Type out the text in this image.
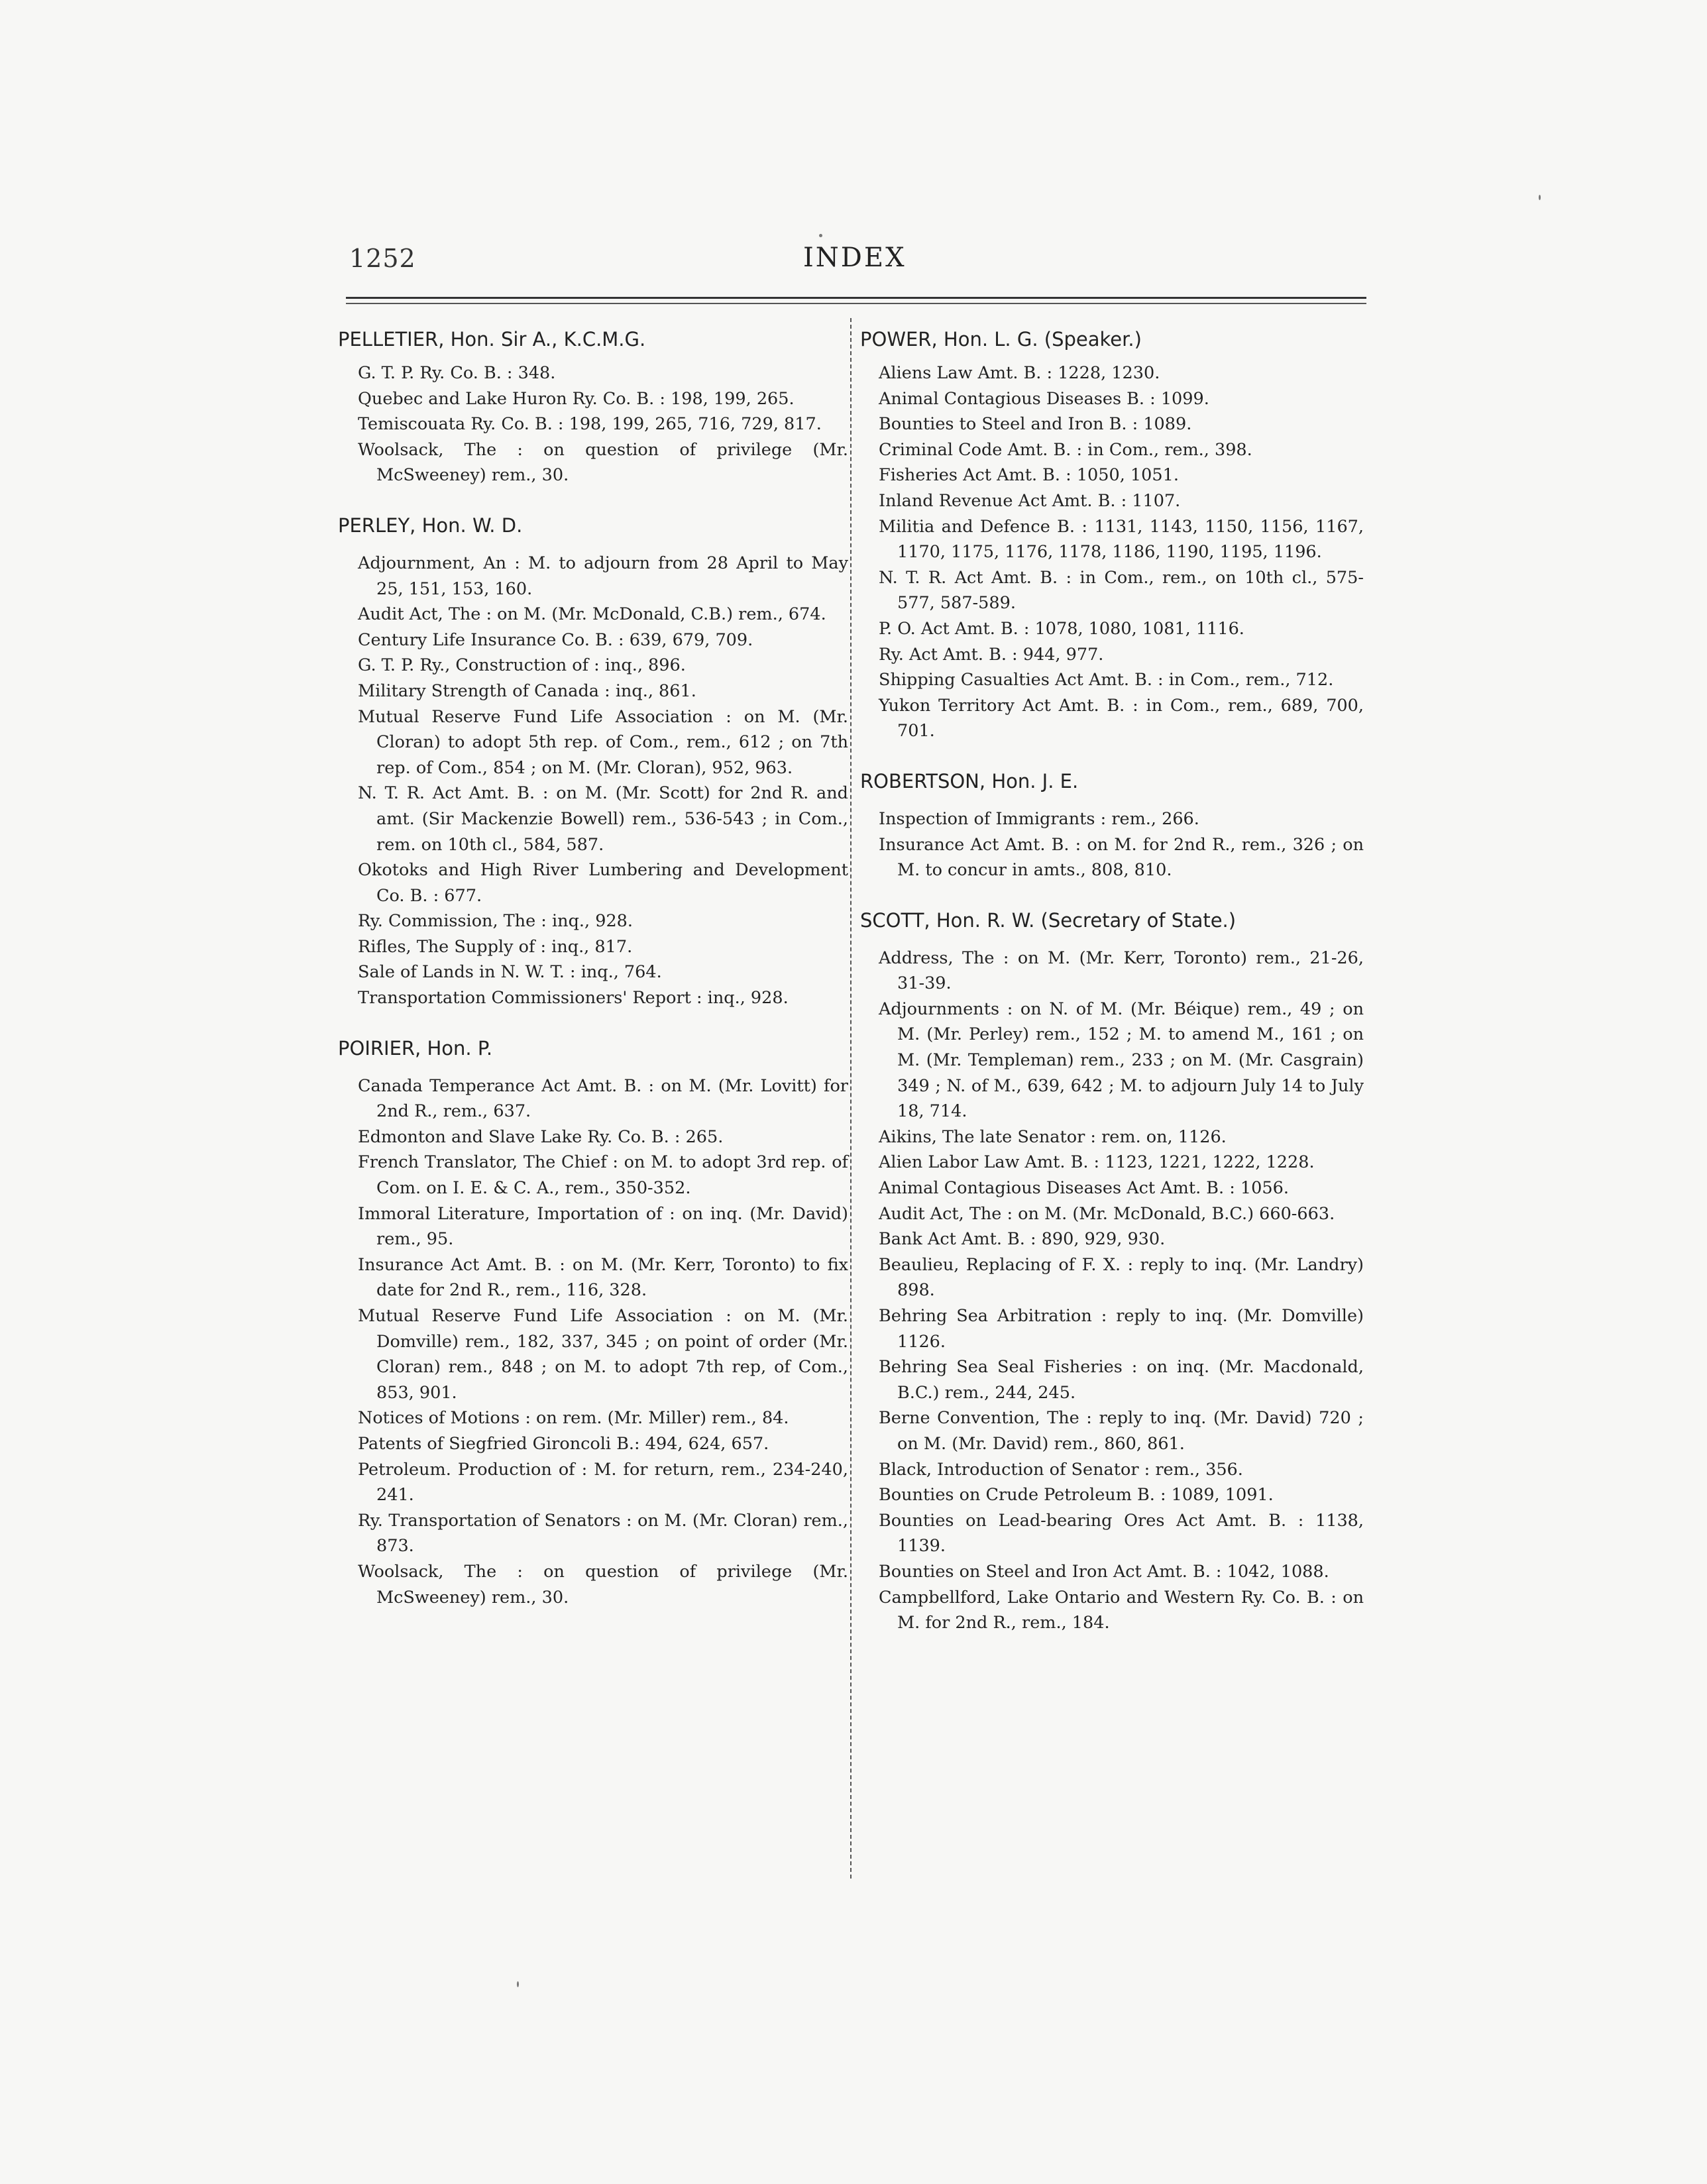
1252	INDEX
PELLETIER, Hon. Sir A., K.C.M.G.
G. T. P. Ry. Co. B. : 348.
Quebec and Lake Huron Ry. Co. B. : 198, 199, 265.
Temiscouata Ry. Co. B. : 198, 199, 265, 716, 729, 817.
Woolsack, The : on question of privilege (Mr. McSweeney) rem., 30.
PERLEY, Hon. W. D.
Adjournment, An : M. to adjourn from 28 April to May 25, 151, 153, 160.
Audit Act, The : on M. (Mr. McDonald, C.B.) rem., 674.
Century Life Insurance Co. B. : 639, 679, 709.
G. T. P. Ry., Construction of : inq., 896.
Military Strength of Canada : inq., 861.
Mutual Reserve Fund Life Association : on M. (Mr. Cloran) to adopt 5th rep. of Com., rem., 612 ; on 7th rep. of Com., 854 ; on M. (Mr. Cloran), 952, 963.
N. T. R. Act Amt. B. : on M. (Mr. Scott) for 2nd R. and amt. (Sir Mackenzie Bowell) rem., 536-543 ; in Com., rem. on 10th cl., 584, 587.
Okotoks and High River Lumbering and Development Co. B. : 677.
Ry. Commission, The : inq., 928.
Rifles, The Supply of : inq., 817.
Sale of Lands in N. W. T. : inq., 764.
Transportation Commissioners' Report : inq., 928.
POIRIER, Hon. P.
Canada Temperance Act Amt. B. : on M. (Mr. Lovitt) for 2nd R., rem., 637.
Edmonton and Slave Lake Ry. Co. B. : 265.
French Translator, The Chief : on M. to adopt 3rd rep. of Com. on I. E. & C. A., rem., 350-352.
Immoral Literature, Importation of : on inq. (Mr. David) rem., 95.
Insurance Act Amt. B. : on M. (Mr. Kerr, Toronto) to fix date for 2nd R., rem., 116, 328.
Mutual Reserve Fund Life Association : on M. (Mr. Domville) rem., 182, 337, 345 ; on point of order (Mr. Cloran) rem., 848 ; on M. to adopt 7th rep, of Com., 853, 901.
Notices of Motions : on rem. (Mr. Miller) rem., 84.
Patents of Siegfried Gironcoli B.: 494, 624, 657.
Petroleum. Production of : M. for return, rem., 234-240, 241.
Ry. Transportation of Senators : on M. (Mr. Cloran) rem., 873.
Woolsack, The : on question of privilege (Mr. McSweeney) rem., 30.
POWER, Hon. L. G. (Speaker.)
Aliens Law Amt. B. : 1228, 1230.
Animal Contagious Diseases B. : 1099.
Bounties to Steel and Iron B. : 1089.
Criminal Code Amt. B. : in Com., rem., 398.
Fisheries Act Amt. B. : 1050, 1051.
Inland Revenue Act Amt. B. : 1107.
Militia and Defence B. : 1131, 1143, 1150, 1156, 1167, 1170, 1175, 1176, 1178, 1186, 1190, 1195, 1196.
N. T. R. Act Amt. B. : in Com., rem., on 10th cl., 575-577, 587-589.
P. O. Act Amt. B. : 1078, 1080, 1081, 1116.
Ry. Act Amt. B. : 944, 977.
Shipping Casualties Act Amt. B. : in Com., rem., 712.
Yukon Territory Act Amt. B. : in Com., rem., 689, 700, 701.
ROBERTSON, Hon. J. E.
Inspection of Immigrants : rem., 266.
Insurance Act Amt. B. : on M. for 2nd R., rem., 326 ; on M. to concur in amts., 808, 810.
SCOTT, Hon. R. W. (Secretary of State.)
Address, The : on M. (Mr. Kerr, Toronto) rem., 21-26, 31-39.
Adjournments : on N. of M. (Mr. Béique) rem., 49 ; on M. (Mr. Perley) rem., 152 ; M. to amend M., 161 ; on M. (Mr. Templeman) rem., 233 ; on M. (Mr. Casgrain) 349 ; N. of M., 639, 642 ; M. to adjourn July 14 to July 18, 714.
Aikins, The late Senator : rem. on, 1126.
Alien Labor Law Amt. B. : 1123, 1221, 1222, 1228.
Animal Contagious Diseases Act Amt. B. : 1056.
Audit Act, The : on M. (Mr. McDonald, B.C.) 660-663.
Bank Act Amt. B. : 890, 929, 930.
Beaulieu, Replacing of F. X. : reply to inq. (Mr. Landry) 898.
Behring Sea Arbitration : reply to inq. (Mr. Domville) 1126.
Behring Sea Seal Fisheries : on inq. (Mr. Macdonald, B.C.) rem., 244, 245.
Berne Convention, The : reply to inq. (Mr. David) 720 ; on M. (Mr. David) rem., 860, 861.
Black, Introduction of Senator : rem., 356.
Bounties on Crude Petroleum B. : 1089, 1091.
Bounties on Lead-bearing Ores Act Amt. B. : 1138, 1139.
Bounties on Steel and Iron Act Amt. B. : 1042, 1088.
Campbellford, Lake Ontario and Western Ry. Co. B. : on M. for 2nd R., rem., 184.
